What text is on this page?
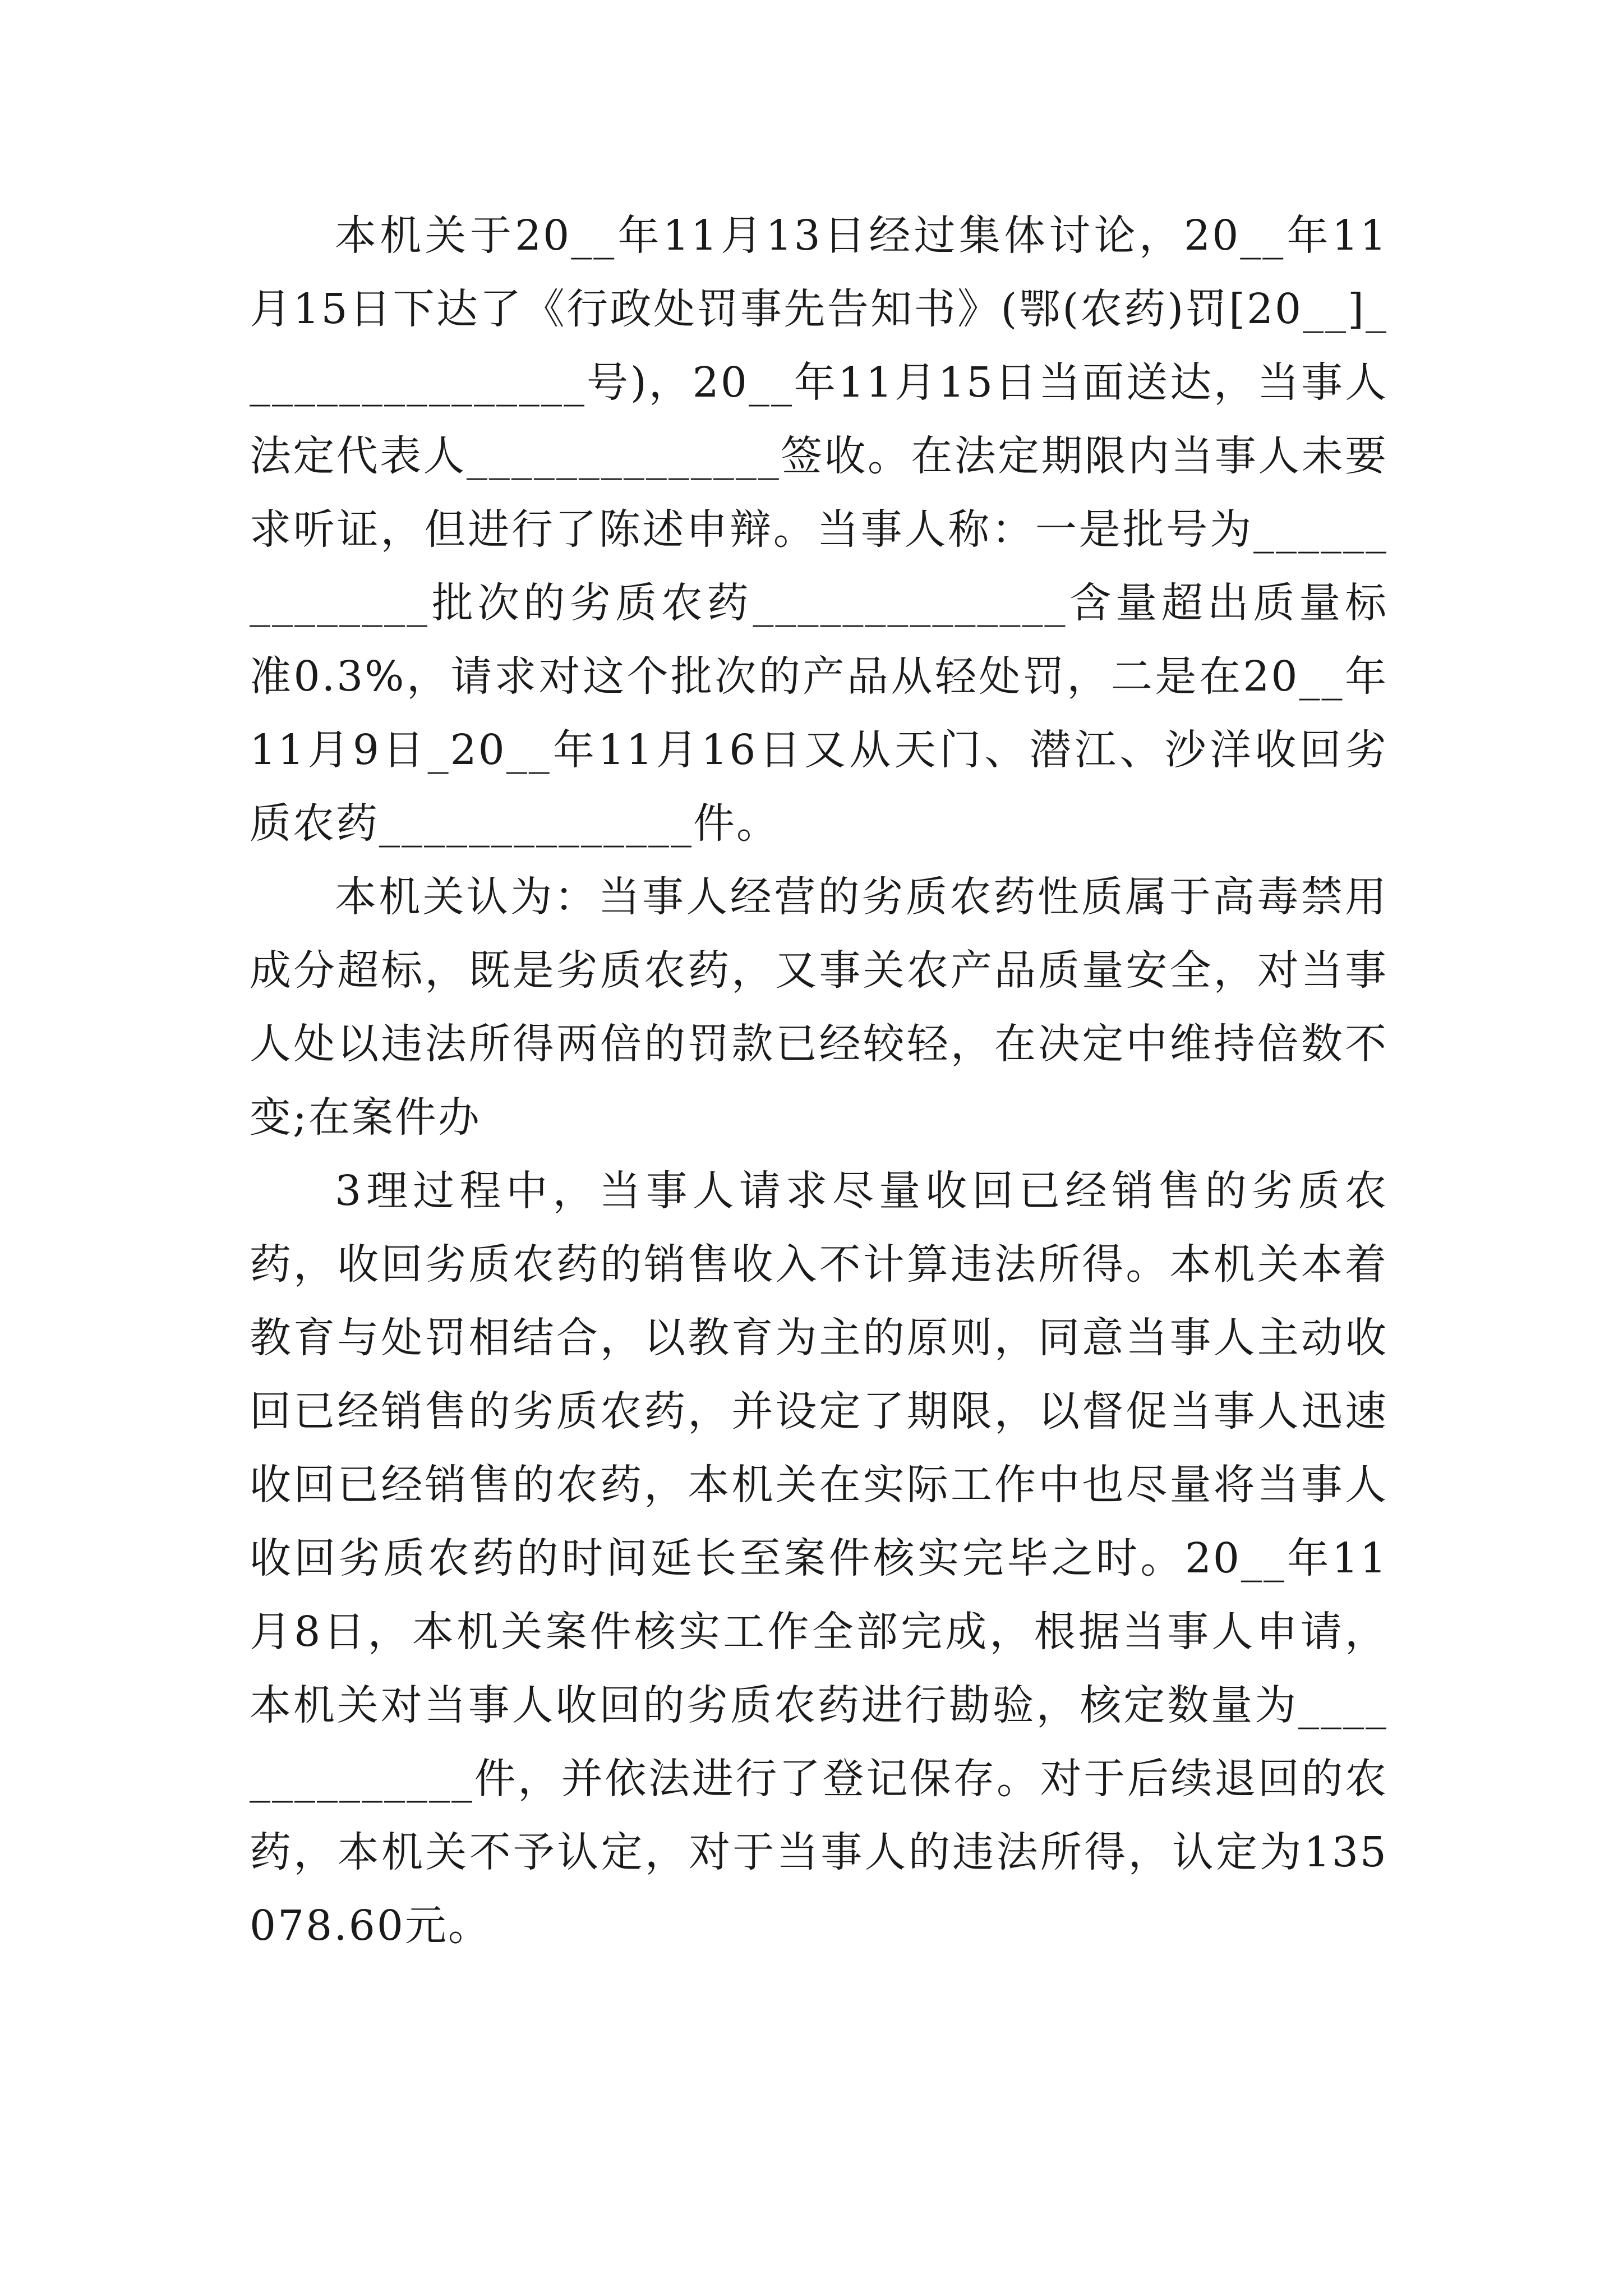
本机关于20__年11月13日经过集体讨论，20__年11月15日下达了《行政处罚事先告知书》(鄂(农药)罚[20__]________________号)，20__年11月15日当面送达，当事人法定代表人______________签收。在法定期限内当事人未要求听证，但进行了陈述申辩。当事人称：一是批号为______________批次的劣质农药______________含量超出质量标准0.3%，请求对这个批次的产品从轻处罚，二是在20__年11月9日_20__年11月16日又从天门、潜江、沙洋收回劣质农药______________件。

本机关认为：当事人经营的劣质农药性质属于高毒禁用成分超标，既是劣质农药，又事关农产品质量安全，对当事人处以违法所得两倍的罚款已经较轻，在决定中维持倍数不变;在案件办

3理过程中，当事人请求尽量收回已经销售的劣质农药，收回劣质农药的销售收入不计算违法所得。本机关本着教育与处罚相结合，以教育为主的原则，同意当事人主动收回已经销售的劣质农药，并设定了期限，以督促当事人迅速收回已经销售的农药，本机关在实际工作中也尽量将当事人收回劣质农药的时间延长至案件核实完毕之时。20__年11月8日，本机关案件核实工作全部完成，根据当事人申请，本机关对当事人收回的劣质农药进行勘验，核定数量为______________件，并依法进行了登记保存。对于后续退回的农药，本机关不予认定，对于当事人的违法所得，认定为135078.60元。
